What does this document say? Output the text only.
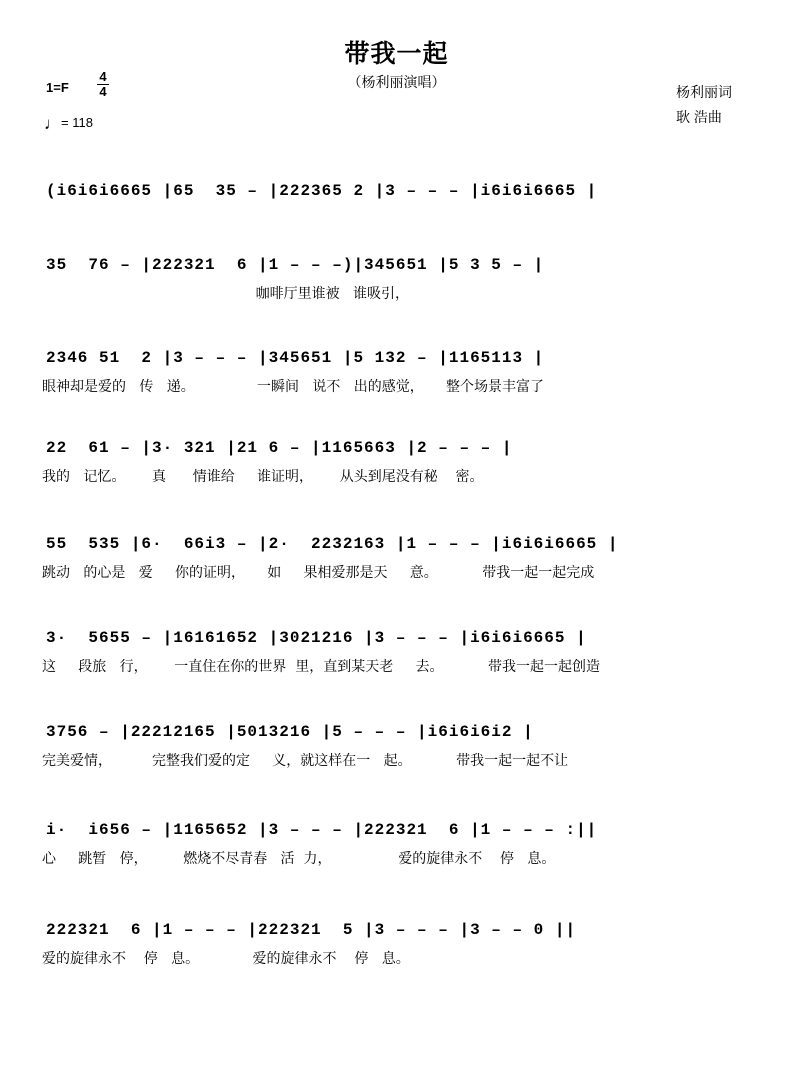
带我一起
（杨利丽演唱）
杨利丽词
耿 浩曲
1=F
4
4
♩= 118
(i6i6i6665 |65  35 – |222365 2 |3 – – – |i6i6i6665 |
35  76 – |222321  6 |1 – – –)|345651 |5 3 5 – |
咖啡厅里谁被   谁吸引，
2346 51  2 |3 – – – |345651 |5 132 – |1165113 |
眼神却是爱的   传   递。              一瞬间   说不   出的感觉，     整个场景丰富了
22  61 – |3· 321 |21 6 – |1165663 |2 – – – |
我的   记忆。      真      情谁给     谁证明，      从头到尾没有秘    密。
55  535 |6·  66i3 – |2·  2232163 |1 – – – |i6i6i6665 |
跳动   的心是   爱     你的证明，     如     果相爱那是天     意。          带我一起一起完成
3·  5655 – |16161652 |3021216 |3 – – – |i6i6i6665 |
这     段旅   行，      一直住在你的世界  里，直到某天老     去。          带我一起一起创造
3756 – |22212165 |5013216 |5 – – – |i6i6i6i2 |
完美爱情，         完整我们爱的定     义，就这样在一   起。          带我一起一起不让
i·  i656 – |1165652 |3 – – – |222321  6 |1 – – – :||
心     跳暂   停，        燃烧不尽青春   活  力，               爱的旋律永不    停   息。
222321  6 |1 – – – |222321  5 |3 – – – |3 – – 0 ||
爱的旋律永不    停   息。            爱的旋律永不    停   息。
